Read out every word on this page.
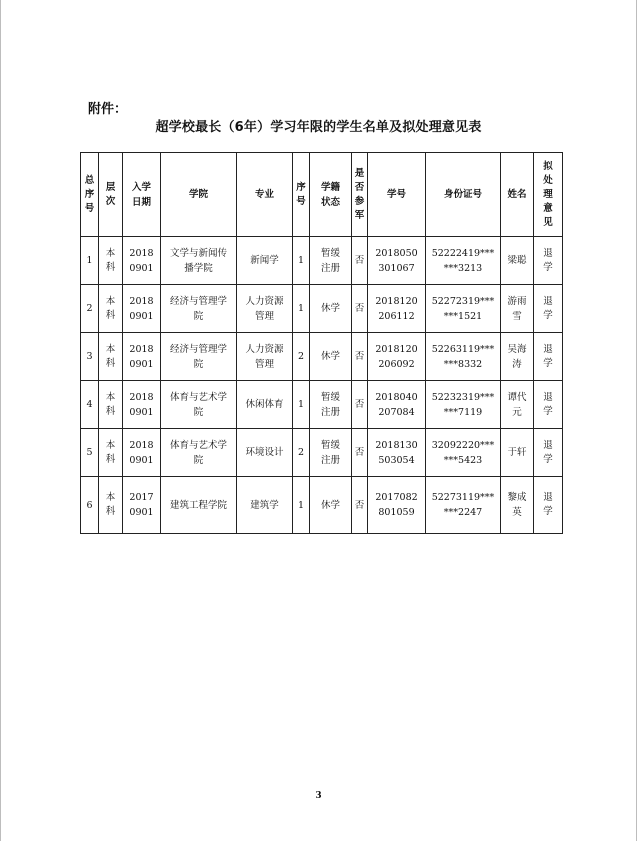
附件：
超学校最长（6年）学习年限的学生名单及拟处理意见表
总序号	层次	入学日期	学院	专业	序号	学籍状态	是否参军	学号	身份证号	姓名	拟处理意见
1	本科	20180901	文学与新闻传播学院	新闻学	1	暂缓注册	否	2018050301067	52222419******3213	梁聪	退学
2	本科	20180901	经济与管理学院	人力资源管理	1	休学	否	2018120206112	52272319******1521	游雨雪	退学
3	本科	20180901	经济与管理学院	人力资源管理	2	休学	否	2018120206092	52263119******8332	吴海涛	退学
4	本科	20180901	体育与艺术学院	休闲体育	1	暂缓注册	否	2018040207084	52232319******7119	谭代元	退学
5	本科	20180901	体育与艺术学院	环境设计	2	暂缓注册	否	2018130503054	32092220******5423	于轩	退学
6	本科	20170901	建筑工程学院	建筑学	1	休学	否	2017082801059	52273119******2247	黎成英	退学
3
